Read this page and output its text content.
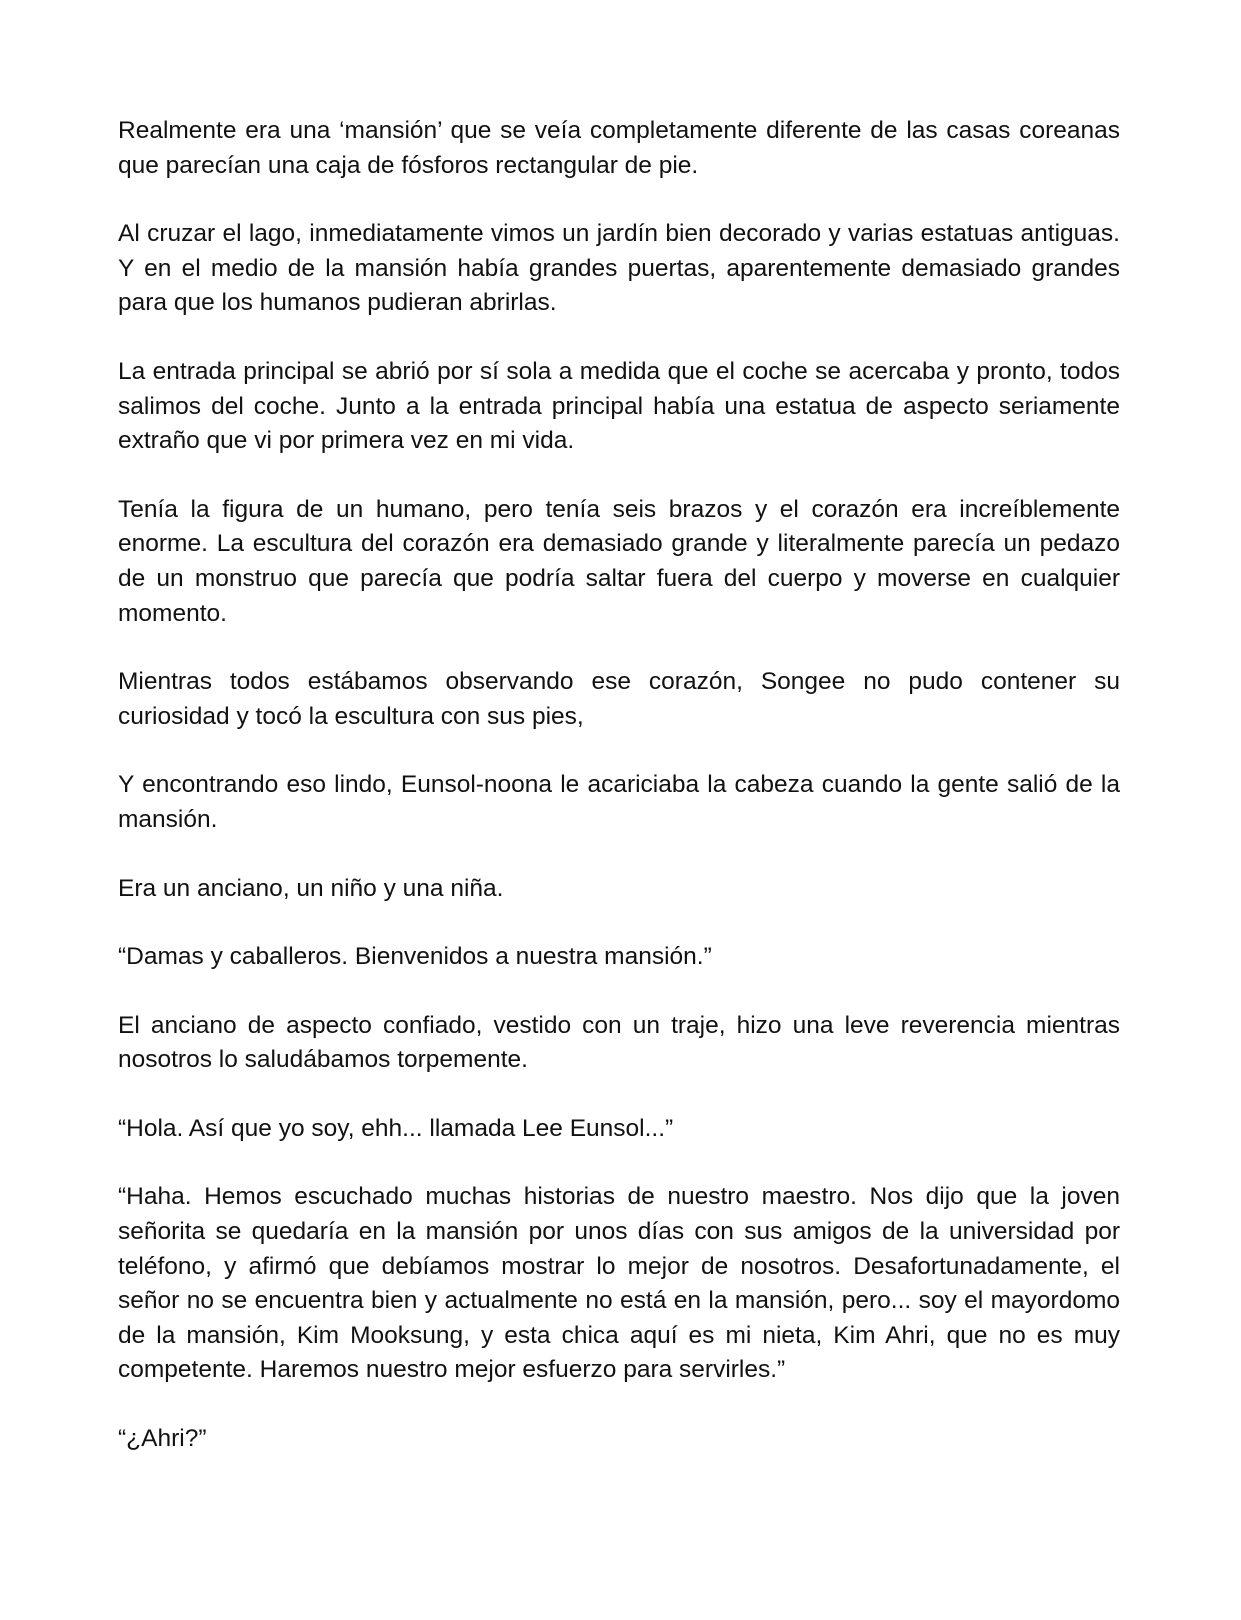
Realmente era una ‘mansión’ que se veía completamente diferente de las casas coreanas que parecían una caja de fósforos rectangular de pie.

Al cruzar el lago, inmediatamente vimos un jardín bien decorado y varias estatuas antiguas. Y en el medio de la mansión había grandes puertas, aparentemente demasiado grandes para que los humanos pudieran abrirlas.

La entrada principal se abrió por sí sola a medida que el coche se acercaba y pronto, todos salimos del coche. Junto a la entrada principal había una estatua de aspecto seriamente extraño que vi por primera vez en mi vida.

Tenía la figura de un humano, pero tenía seis brazos y el corazón era increíblemente enorme. La escultura del corazón era demasiado grande y literalmente parecía un pedazo de un monstruo que parecía que podría saltar fuera del cuerpo y moverse en cualquier momento.

Mientras todos estábamos observando ese corazón, Songee no pudo contener su curiosidad y tocó la escultura con sus pies,

Y encontrando eso lindo, Eunsol-noona le acariciaba la cabeza cuando la gente salió de la mansión.

Era un anciano, un niño y una niña.

“Damas y caballeros. Bienvenidos a nuestra mansión.”

El anciano de aspecto confiado, vestido con un traje, hizo una leve reverencia mientras nosotros lo saludábamos torpemente.

“Hola. Así que yo soy, ehh... llamada Lee Eunsol...”

“Haha. Hemos escuchado muchas historias de nuestro maestro. Nos dijo que la joven señorita se quedaría en la mansión por unos días con sus amigos de la universidad por teléfono, y afirmó que debíamos mostrar lo mejor de nosotros. Desafortunadamente, el señor no se encuentra bien y actualmente no está en la mansión, pero... soy el mayordomo de la mansión, Kim Mooksung, y esta chica aquí es mi nieta, Kim Ahri, que no es muy competente. Haremos nuestro mejor esfuerzo para servirles.”

“¿Ahri?”
